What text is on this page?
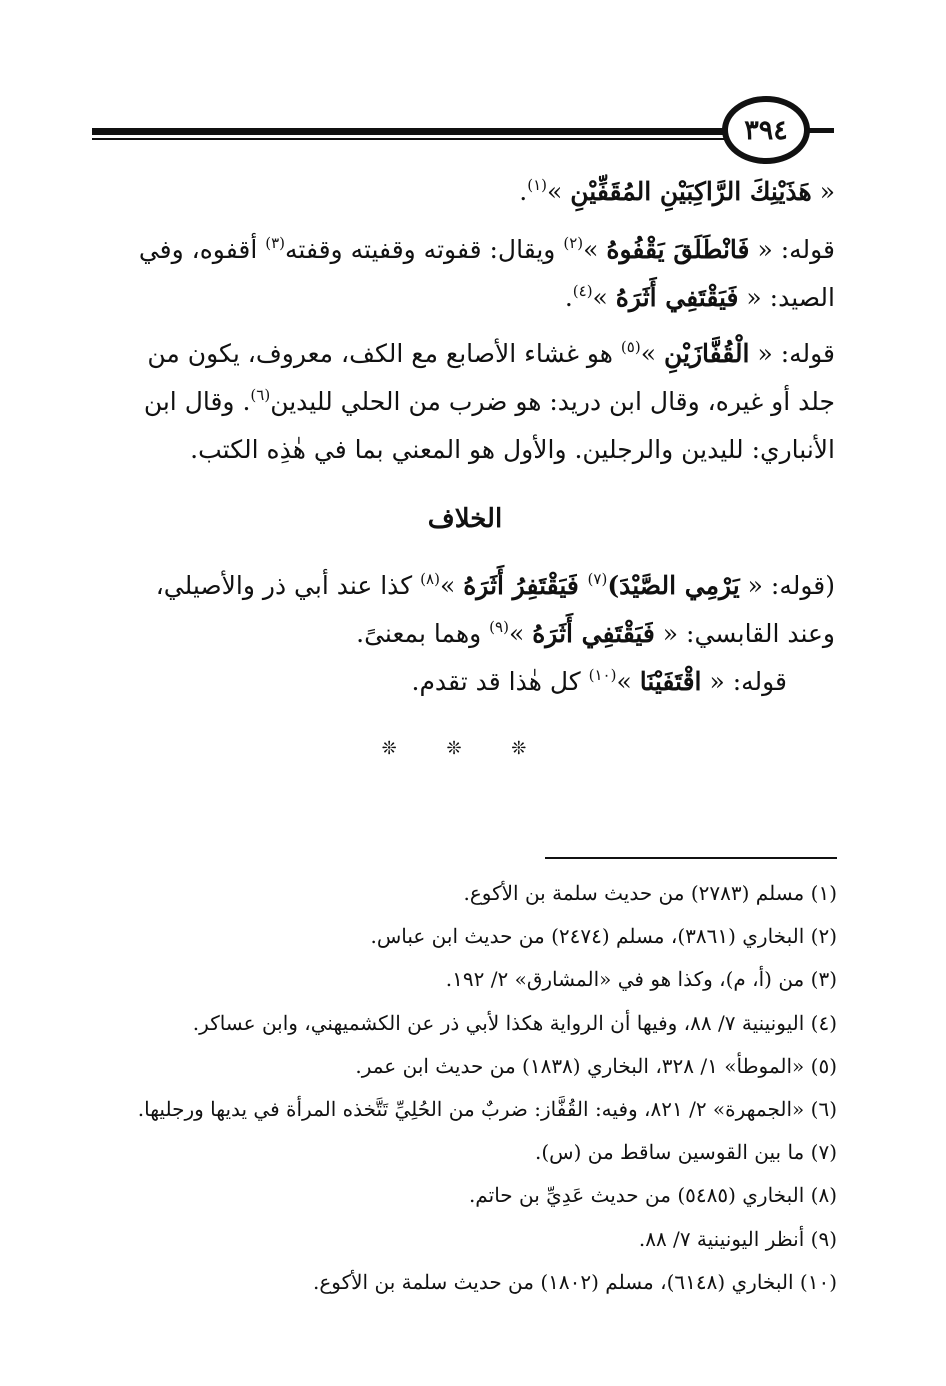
٣٩٤
« هَذَيْنِكَ الرَّاكِبَيْنِ المُقَفِّيْنِ »$^{(١)}$.
قوله: « فَانْطَلَقَ يَقْفُوهُ »$^{(٢)}$ ويقال: قفوته وقفيته وقفته$^{(٣)}$ أقفوه، وفي
الصيد: « فَيَقْتَفِي أَثَرَهُ »$^{(٤)}$.
قوله: « الْقُفَّازَيْنِ »$^{(٥)}$ هو غشاء الأصابع مع الكف، معروف، يكون من
جلد أو غيره، وقال ابن دريد: هو ضرب من الحلي لليدين$^{(٦)}$. وقال ابن
الأنباري: لليدين والرجلين. والأول هو المعني بما في هٰذِه الكتب.
الخلاف
(قوله: « يَرْمِي الصَّيْدَ)$^{(٧)}$ فَيَقْتَفِرُ أَثَرَهُ »$^{(٨)}$ كذا عند أبي ذر والأصيلي،
وعند القابسي: « فَيَقْتَفِي أَثَرَهُ »$^{(٩)}$ وهما بمعنىً.
قوله: « اقْتَفَيْنَا »$^{(١٠)}$ كل هٰذا قد تقدم.
❊ ❊ ❊
(١) مسلم (٢٧٨٣) من حديث سلمة بن الأكوع.
(٢) البخاري (٣٨٦١)، مسلم (٢٤٧٤) من حديث ابن عباس.
(٣) من (أ، م)، وكذا هو في «المشارق» ٢/ ١٩٢.
(٤) اليونينية ٧/ ٨٨، وفيها أن الرواية هكذا لأبي ذر عن الكشميهني، وابن عساكر.
(٥) «الموطأ» ١/ ٣٢٨، البخاري (١٨٣٨) من حديث ابن عمر.
(٦) «الجمهرة» ٢/ ٨٢١، وفيه: القُفَّاز: ضربٌ من الحُلِيِّ تَتَّخذه المرأة في يديها ورجليها.
(٧) ما بين القوسين ساقط من (س).
(٨) البخاري (٥٤٨٥) من حديث عَدِيِّ بن حاتم.
(٩) أنظر اليونينية ٧/ ٨٨.
(١٠) البخاري (٦١٤٨)، مسلم (١٨٠٢) من حديث سلمة بن الأكوع.
